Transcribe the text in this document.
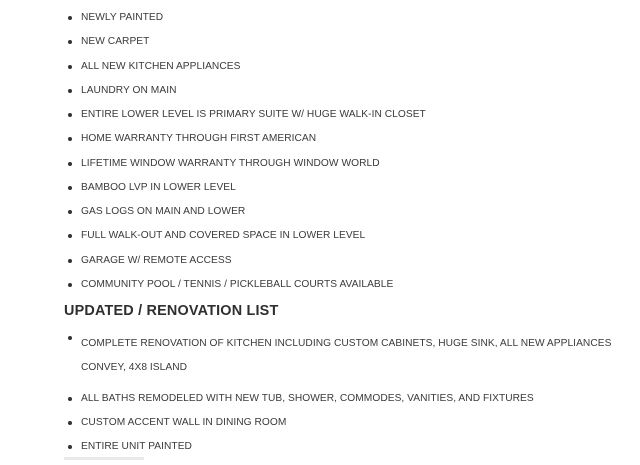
NEWLY PAINTED
NEW CARPET
ALL NEW KITCHEN APPLIANCES
LAUNDRY ON MAIN
ENTIRE LOWER LEVEL IS PRIMARY SUITE W/ HUGE WALK-IN CLOSET
HOME WARRANTY THROUGH FIRST AMERICAN
LIFETIME WINDOW WARRANTY THROUGH WINDOW WORLD
BAMBOO LVP IN LOWER LEVEL
GAS LOGS ON MAIN AND LOWER
FULL WALK-OUT AND COVERED SPACE IN LOWER LEVEL
GARAGE W/ REMOTE ACCESS
COMMUNITY POOL / TENNIS / PICKLEBALL COURTS AVAILABLE
UPDATED / RENOVATION LIST
COMPLETE RENOVATION OF KITCHEN INCLUDING CUSTOM CABINETS, HUGE SINK, ALL NEW APPLIANCES CONVEY, 4X8 ISLAND
ALL BATHS REMODELED WITH NEW TUB, SHOWER, COMMODES, VANITIES, AND FIXTURES
CUSTOM ACCENT WALL IN DINING ROOM
ENTIRE UNIT PAINTED
